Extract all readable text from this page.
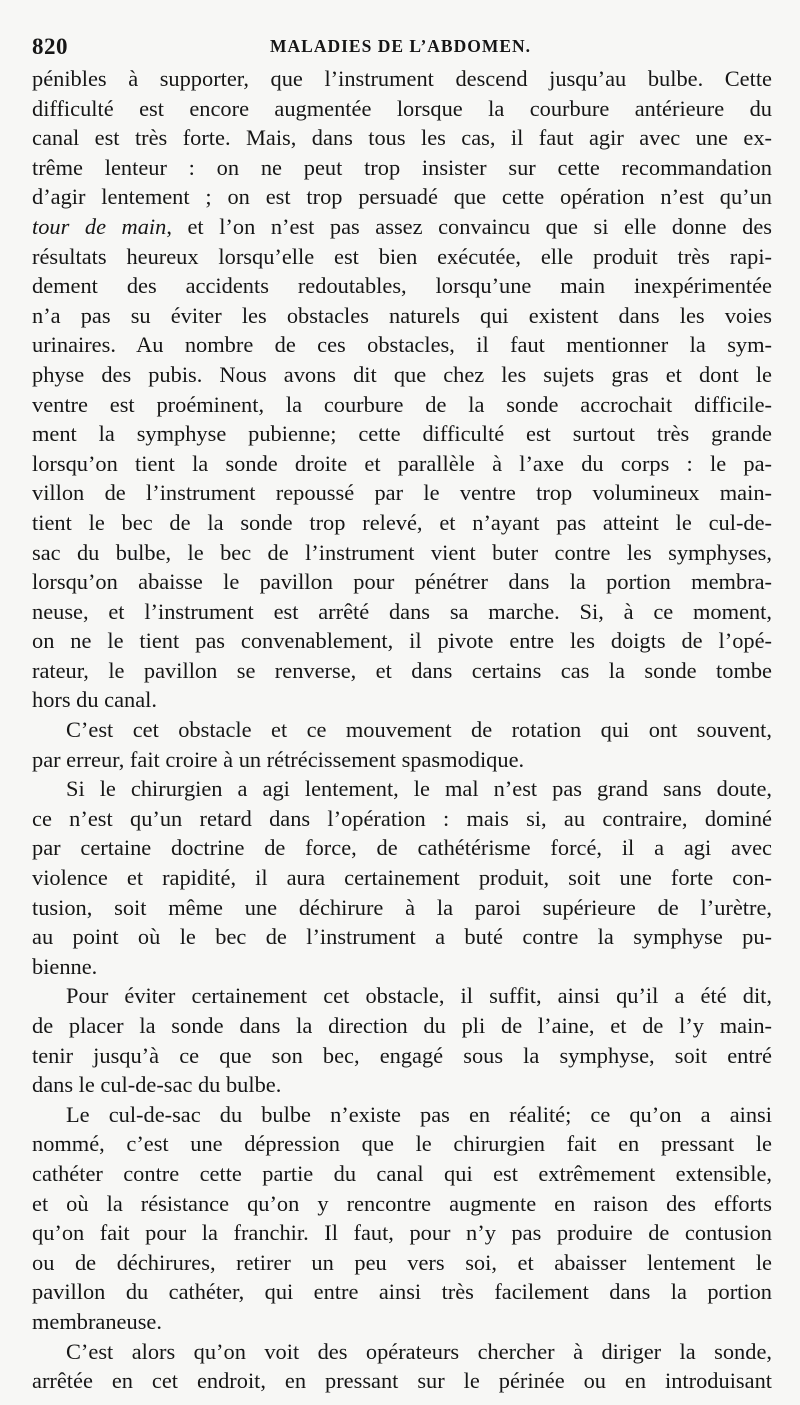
820	MALADIES DE L’ABDOMEN.

pénibles à supporter, que l’instrument descend jusqu’au bulbe. Cette
difficulté est encore augmentée lorsque la courbure antérieure du
canal est très forte. Mais, dans tous les cas, il faut agir avec une ex-
trême lenteur : on ne peut trop insister sur cette recommandation
d’agir lentement ; on est trop persuadé que cette opération n’est qu’un
tour de main, et l’on n’est pas assez convaincu que si elle donne des
résultats heureux lorsqu’elle est bien exécutée, elle produit très rapi-
dement des accidents redoutables, lorsqu’une main inexpérimentée
n’a pas su éviter les obstacles naturels qui existent dans les voies
urinaires. Au nombre de ces obstacles, il faut mentionner la sym-
physe des pubis. Nous avons dit que chez les sujets gras et dont le
ventre est proéminent, la courbure de la sonde accrochait difficile-
ment la symphyse pubienne; cette difficulté est surtout très grande
lorsqu’on tient la sonde droite et parallèle à l’axe du corps : le pa-
villon de l’instrument repoussé par le ventre trop volumineux main-
tient le bec de la sonde trop relevé, et n’ayant pas atteint le cul-de-
sac du bulbe, le bec de l’instrument vient buter contre les symphyses,
lorsqu’on abaisse le pavillon pour pénétrer dans la portion membra-
neuse, et l’instrument est arrêté dans sa marche. Si, à ce moment,
on ne le tient pas convenablement, il pivote entre les doigts de l’opé-
rateur, le pavillon se renverse, et dans certains cas la sonde tombe
hors du canal.

C’est cet obstacle et ce mouvement de rotation qui ont souvent,
par erreur, fait croire à un rétrécissement spasmodique.

Si le chirurgien a agi lentement, le mal n’est pas grand sans doute,
ce n’est qu’un retard dans l’opération : mais si, au contraire, dominé
par certaine doctrine de force, de cathétérisme forcé, il a agi avec
violence et rapidité, il aura certainement produit, soit une forte con-
tusion, soit même une déchirure à la paroi supérieure de l’urètre,
au point où le bec de l’instrument a buté contre la symphyse pu-
bienne.

Pour éviter certainement cet obstacle, il suffit, ainsi qu’il a été dit,
de placer la sonde dans la direction du pli de l’aine, et de l’y main-
tenir jusqu’à ce que son bec, engagé sous la symphyse, soit entré
dans le cul-de-sac du bulbe.

Le cul-de-sac du bulbe n’existe pas en réalité; ce qu’on a ainsi
nommé, c’est une dépression que le chirurgien fait en pressant le
cathéter contre cette partie du canal qui est extrêmement extensible,
et où la résistance qu’on y rencontre augmente en raison des efforts
qu’on fait pour la franchir. Il faut, pour n’y pas produire de contusion
ou de déchirures, retirer un peu vers soi, et abaisser lentement le
pavillon du cathéter, qui entre ainsi très facilement dans la portion
membraneuse.

C’est alors qu’on voit des opérateurs chercher à diriger la sonde,
arrêtée en cet endroit, en pressant sur le périnée ou en introduisant
